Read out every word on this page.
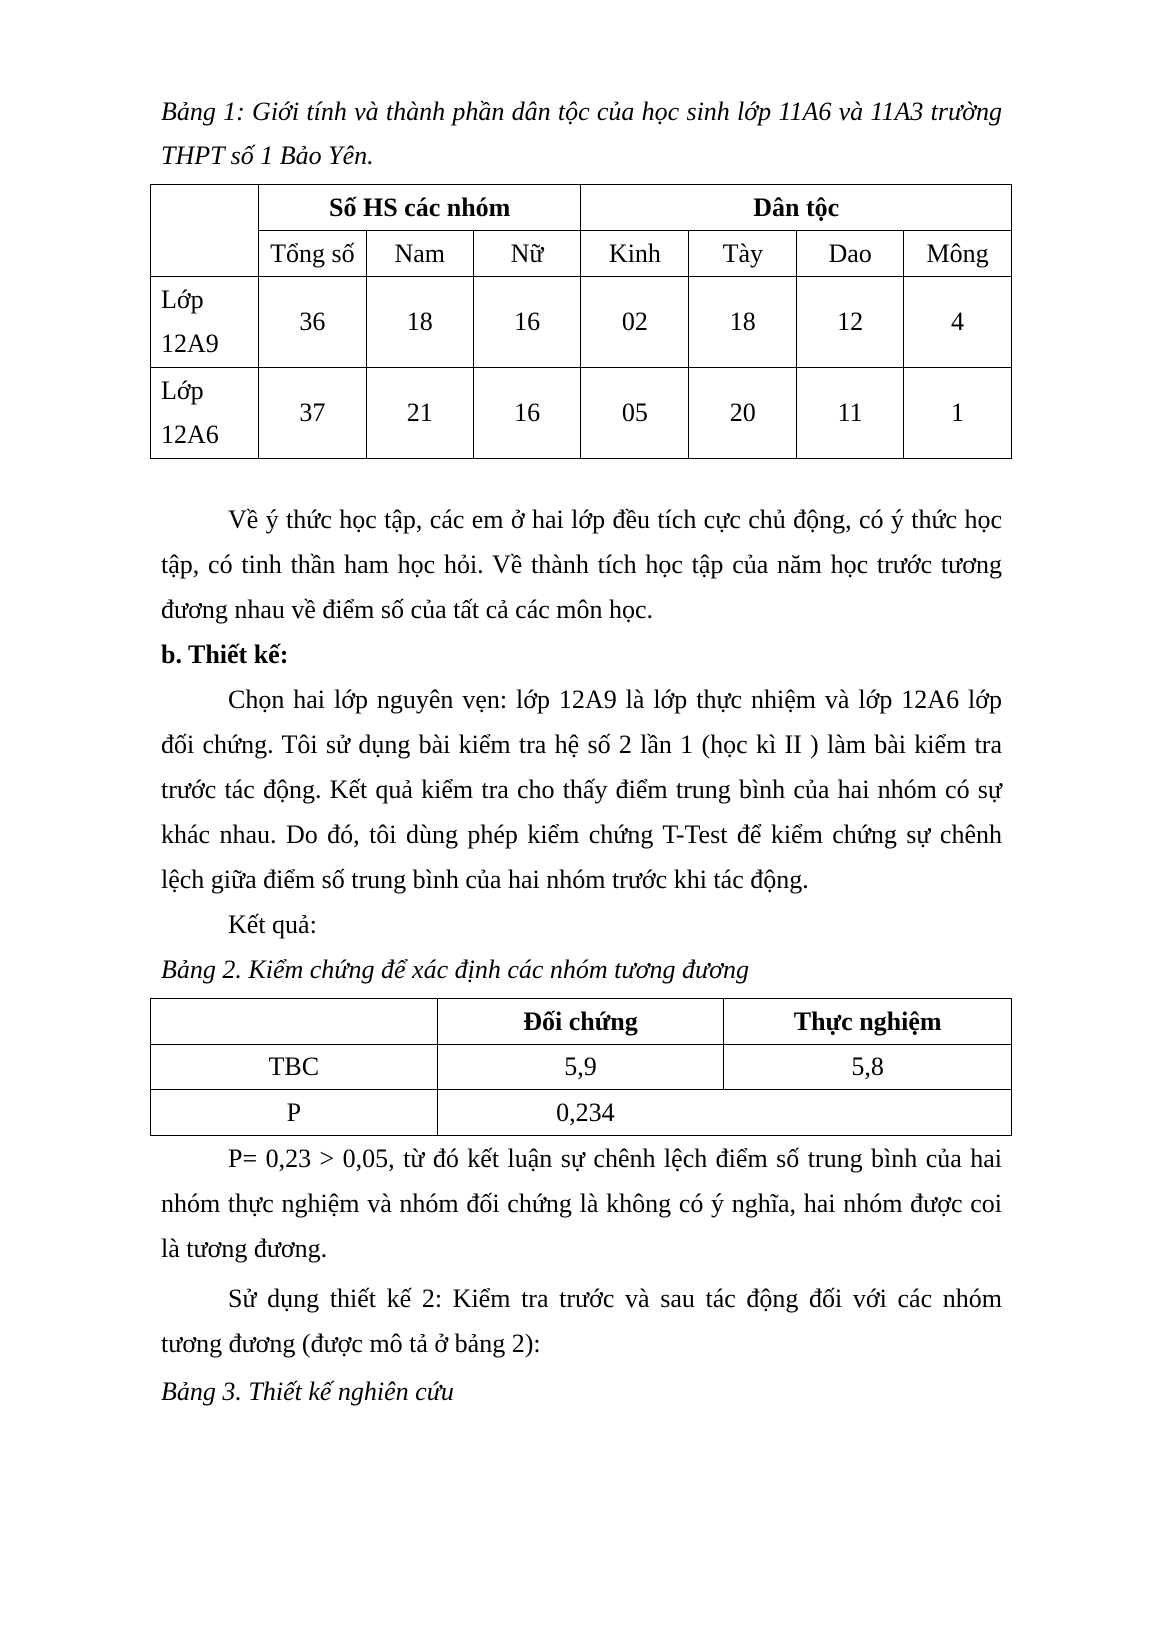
Bảng 1: Giới tính và thành phần dân tộc của học sinh lớp 11A6 và 11A3 trường
THPT số 1 Bảo Yên.
	Số HS các nhóm			Dân tộc			
	Tổng số	Nam	Nữ	Kinh	Tày	Dao	Mông

Lớp
12A9	36	18	16	02	18	12	4

Lớp
12A6	37	21	16	05	20	11	1
Về ý thức học tập, các em ở hai lớp đều tích cực chủ động, có ý thức học
tập, có tinh thần ham học hỏi. Về thành tích học tập của năm học trước tương
đương nhau về điểm số của tất cả các môn học.
b. Thiết kế:
Chọn hai lớp nguyên vẹn: lớp 12A9 là lớp thực nhiệm và lớp 12A6 lớp
đối chứng. Tôi sử dụng bài kiểm tra hệ số 2 lần 1 (học kì II ) làm bài kiểm tra
trước tác động. Kết quả kiểm tra cho thấy điểm trung bình của hai nhóm có sự
khác nhau. Do đó, tôi dùng phép kiểm chứng T-Test để kiểm chứng sự chênh
lệch giữa điểm số trung bình của hai nhóm trước khi tác động.
Kết quả:
Bảng 2. Kiểm chứng để xác định các nhóm tương đương
	Đối chứng	Thực nghiệm
TBC	5,9	5,8
P	0,234	
P= 0,23 > 0,05, từ đó kết luận sự chênh lệch điểm số trung bình của hai
nhóm thực nghiệm và nhóm đối chứng là không có ý nghĩa, hai nhóm được coi
là tương đương.
Sử dụng thiết kế 2: Kiểm tra trước và sau tác động đối với các nhóm
tương đương (được mô tả ở bảng 2):
Bảng 3. Thiết kế nghiên cứu
